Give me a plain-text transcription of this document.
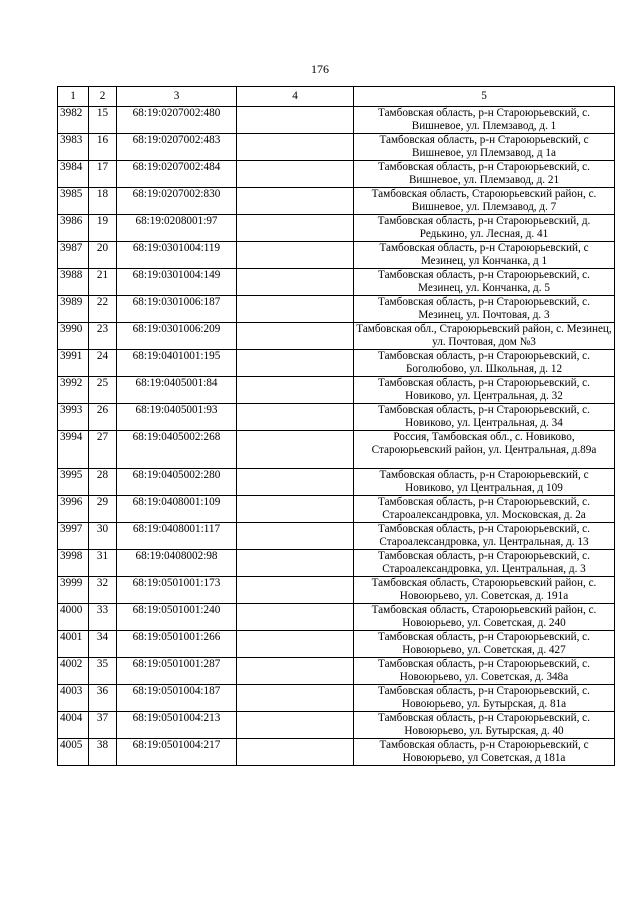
176
1	2	3	4	5
3982	15	68:19:0207002:480		Тамбовская область, р-н Староюрьевский, с. Вишневое, ул. Племзавод, д. 1
3983	16	68:19:0207002:483		Тамбовская область, р-н Староюрьевский, с Вишневое, ул Племзавод, д 1а
3984	17	68:19:0207002:484		Тамбовская область, р-н Староюрьевский, с. Вишневое, ул. Племзавод, д. 21
3985	18	68:19:0207002:830		Тамбовская область, Староюрьевский район, с. Вишневое, ул. Племзавод, д. 7
3986	19	68:19:0208001:97		Тамбовская область, р-н Староюрьевский, д. Редькино, ул. Лесная, д. 41
3987	20	68:19:0301004:119		Тамбовская область, р-н Староюрьевский, с Мезинец, ул Кончанка, д 1
3988	21	68:19:0301004:149		Тамбовская область, р-н Староюрьевский, с. Мезинец, ул. Кончанка, д. 5
3989	22	68:19:0301006:187		Тамбовская область, р-н Староюрьевский, с. Мезинец, ул. Почтовая, д. 3
3990	23	68:19:0301006:209		Тамбовская обл., Староюрьевский район, с. Мезинец, ул. Почтовая, дом №3
3991	24	68:19:0401001:195		Тамбовская область, р-н Староюрьевский, с. Боголюбово, ул. Школьная, д. 12
3992	25	68:19:0405001:84		Тамбовская область, р-н Староюрьевский, с. Новиково, ул. Центральная, д. 32
3993	26	68:19:0405001:93		Тамбовская область, р-н Староюрьевский, с. Новиково, ул. Центральная, д. 34
3994	27	68:19:0405002:268		Россия, Тамбовская обл., с. Новиково, Староюрьевский район, ул. Центральная, д.89а
3995	28	68:19:0405002:280		Тамбовская область, р-н Староюрьевский, с Новиково, ул Центральная, д 109
3996	29	68:19:0408001:109		Тамбовская область, р-н Староюрьевский, с. Староалександровка, ул. Московская, д. 2а
3997	30	68:19:0408001:117		Тамбовская область, р-н Староюрьевский, с. Староалександровка, ул. Центральная, д. 13
3998	31	68:19:0408002:98		Тамбовская область, р-н Староюрьевский, с. Староалександровка, ул. Центральная, д. 3
3999	32	68:19:0501001:173		Тамбовская область, Староюрьевский район, с. Новоюрьево, ул. Советская, д. 191а
4000	33	68:19:0501001:240		Тамбовская область, Староюрьевский район, с. Новоюрьево, ул. Советская, д. 240
4001	34	68:19:0501001:266		Тамбовская область, р-н Староюрьевский, с. Новоюрьево, ул. Советская, д. 427
4002	35	68:19:0501001:287		Тамбовская область, р-н Староюрьевский, с. Новоюрьево, ул. Советская, д. 348а
4003	36	68:19:0501004:187		Тамбовская область, р-н Староюрьевский, с. Новоюрьево, ул. Бутырская, д. 81а
4004	37	68:19:0501004:213		Тамбовская область, р-н Староюрьевский, с. Новоюрьево, ул. Бутырская, д. 40
4005	38	68:19:0501004:217		Тамбовская область, р-н Староюрьевский, с Новоюрьево, ул Советская, д 181а
